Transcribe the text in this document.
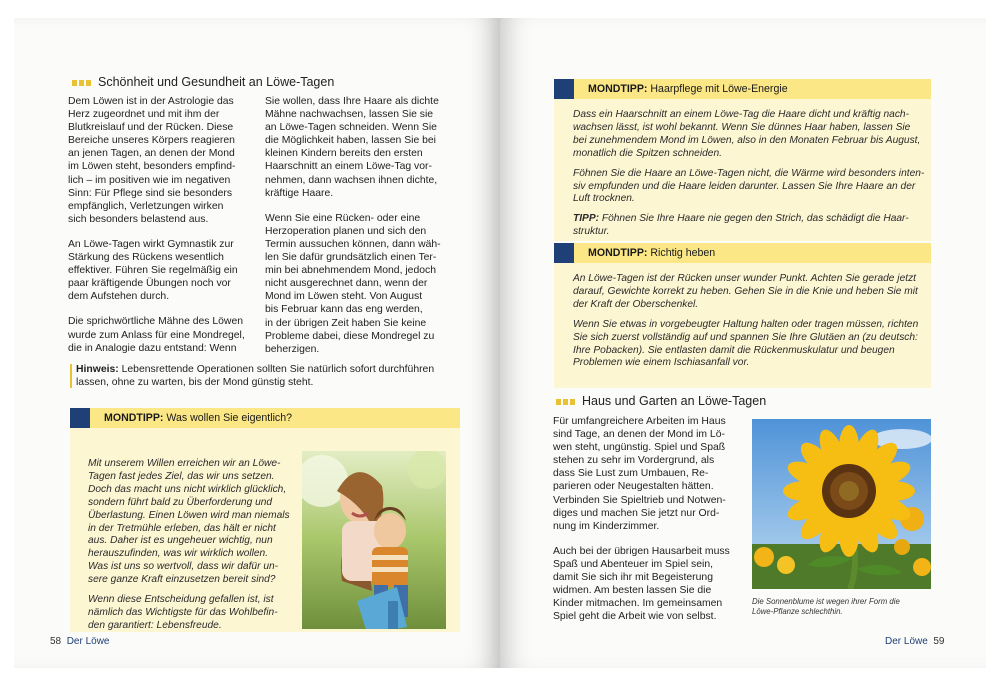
Schönheit und Gesundheit an Löwe-Tagen

Dem Löwen ist in der Astrologie das
Herz zugeordnet und mit ihm der
Blutkreislauf und der Rücken. Diese
Bereiche unseres Körpers reagieren
an jenen Tagen, an denen der Mond
im Löwen steht, besonders empfind-
lich – im positiven wie im negativen
Sinn: Für Pflege sind sie besonders
empfänglich, Verletzungen wirken
sich besonders belastend aus.

An Löwe-Tagen wirkt Gymnastik zur
Stärkung des Rückens wesentlich
effektiver. Führen Sie regelmäßig ein
paar kräftigende Übungen noch vor
dem Aufstehen durch.

Die sprichwörtliche Mähne des Löwen
wurde zum Anlass für eine Mondregel,
die in Analogie dazu entstand: Wenn

Sie wollen, dass Ihre Haare als dichte
Mähne nachwachsen, lassen Sie sie
an Löwe-Tagen schneiden. Wenn Sie
die Möglichkeit haben, lassen Sie bei
kleinen Kindern bereits den ersten
Haarschnitt an einem Löwe-Tag vor-
nehmen, dann wachsen ihnen dichte,
kräftige Haare.

Wenn Sie eine Rücken- oder eine
Herzoperation planen und sich den
Termin aussuchen können, dann wäh-
len Sie dafür grundsätzlich einen Ter-
min bei abnehmendem Mond, jedoch
nicht ausgerechnet dann, wenn der
Mond im Löwen steht. Von August
bis Februar kann das eng werden,
in der übrigen Zeit haben Sie keine
Probleme dabei, diese Mondregel zu
beherzigen.

Hinweis: Lebensrettende Operationen sollten Sie natürlich sofort durchführen
lassen, ohne zu warten, bis der Mond günstig steht.
MONDTIPP: Was wollen Sie eigentlich?

Mit unserem Willen erreichen wir an Löwe-
Tagen fast jedes Ziel, das wir uns setzen.
Doch das macht uns nicht wirklich glücklich,
sondern führt bald zu Überforderung und
Überlastung. Einen Löwen wird man niemals
in der Tretmühle erleben, das hält er nicht
aus. Daher ist es ungeheuer wichtig, nun
herauszufinden, was wir wirklich wollen.
Was ist uns so wertvoll, dass wir dafür un-
sere ganze Kraft einzusetzen bereit sind?

Wenn diese Entscheidung gefallen ist, ist
nämlich das Wichtigste für das Wohlbefin-
den garantiert: Lebensfreude.

58 Der Löwe
MONDTIPP: Haarpflege mit Löwe-Energie

Dass ein Haarschnitt an einem Löwe-Tag die Haare dicht und kräftig nach-
wachsen lässt, ist wohl bekannt. Wenn Sie dünnes Haar haben, lassen Sie
bei zunehmendem Mond im Löwen, also in den Monaten Februar bis August,
monatlich die Spitzen schneiden.

Föhnen Sie die Haare an Löwe-Tagen nicht, die Wärme wird besonders inten-
siv empfunden und die Haare leiden darunter. Lassen Sie Ihre Haare an der
Luft trocknen.

TIPP: Föhnen Sie Ihre Haare nie gegen den Strich, das schädigt die Haar-
struktur.

MONDTIPP: Richtig heben

An Löwe-Tagen ist der Rücken unser wunder Punkt. Achten Sie gerade jetzt
darauf, Gewichte korrekt zu heben. Gehen Sie in die Knie und heben Sie mit
der Kraft der Oberschenkel.

Wenn Sie etwas in vorgebeugter Haltung halten oder tragen müssen, richten
Sie sich zuerst vollständig auf und spannen Sie Ihre Glutäen an (zu deutsch:
Ihre Pobacken). Sie entlasten damit die Rückenmuskulatur und beugen
Problemen wie einem Ischiasanfall vor.

Haus und Garten an Löwe-Tagen

Für umfangreichere Arbeiten im Haus
sind Tage, an denen der Mond im Lö-
wen steht, ungünstig. Spiel und Spaß
stehen zu sehr im Vordergrund, als
dass Sie Lust zum Umbauen, Re-
parieren oder Neugestalten hätten.
Verbinden Sie Spieltrieb und Notwen-
diges und machen Sie jetzt nur Ord-
nung im Kinderzimmer.

Auch bei der übrigen Hausarbeit muss
Spaß und Abenteuer im Spiel sein,
damit Sie sich ihr mit Begeisterung
widmen. Am besten lassen Sie die
Kinder mitmachen. Im gemeinsamen
Spiel geht die Arbeit wie von selbst.

Die Sonnenblume ist wegen ihrer Form die
Löwe-Pflanze schlechthin.
Der Löwe 59
